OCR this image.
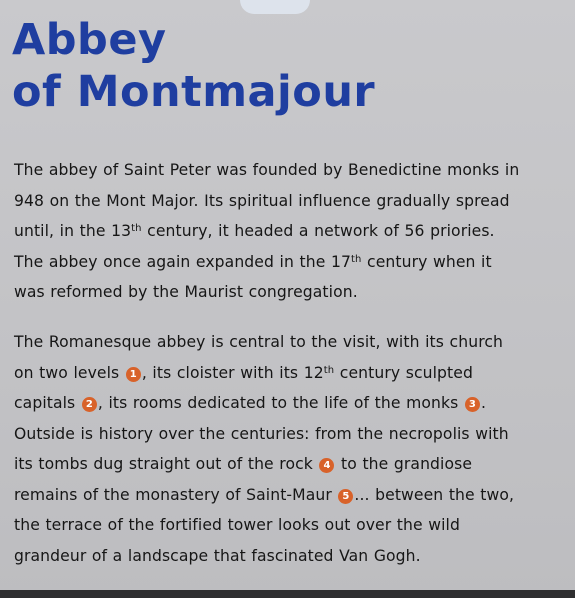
Abbey
of Montmajour
The abbey of Saint Peter was founded by Benedictine monks in
948 on the Mont Major. Its spiritual influence gradually spread
until, in the 13th century, it headed a network of 56 priories.
The abbey once again expanded in the 17th century when it
was reformed by the Maurist congregation.
The Romanesque abbey is central to the visit, with its church
on two levels 1 , its cloister with its 12th century sculpted
capitals 2 , its rooms dedicated to the life of the monks 3 .
Outside is history over the centuries: from the necropolis with
its tombs dug straight out of the rock 4 to the grandiose
remains of the monastery of Saint-Maur 5 ... between the two,
the terrace of the fortified tower looks out over the wild
grandeur of a landscape that fascinated Van Gogh.
